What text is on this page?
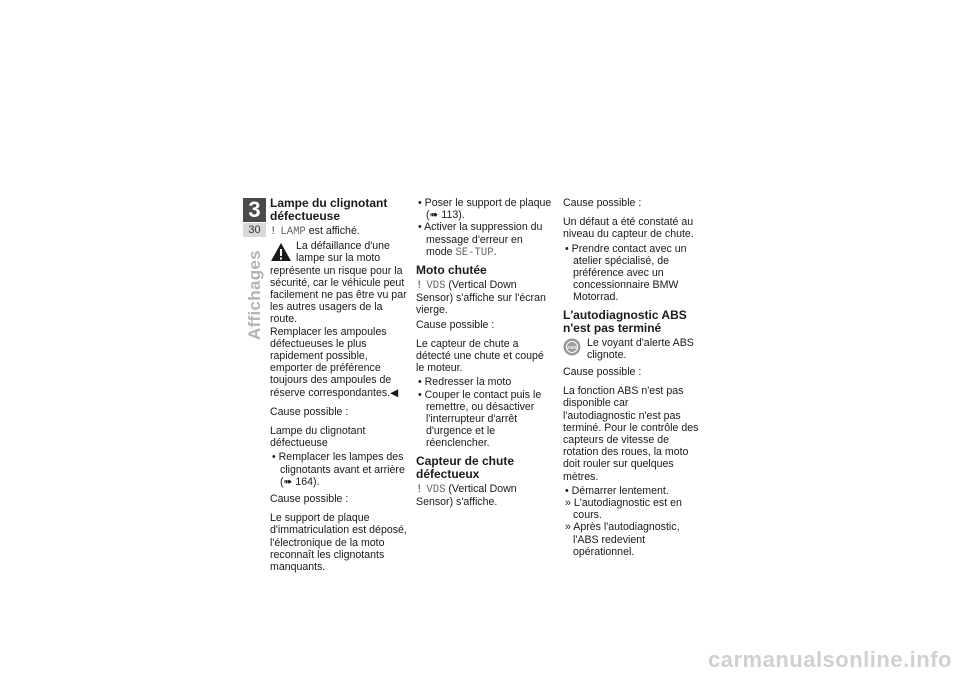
3
30
Affichages
Lampe du clignotant défectueuse

! LAMP est affiché.

La défaillance d'une lampe sur la moto représente un risque pour la sécurité, car le véhicule peut facilement ne pas être vu par les autres usagers de la route.

Remplacer les ampoules défectueuses le plus rapidement possible, emporter de préférence toujours des ampoules de réserve correspondantes.◀

Cause possible :

Lampe du clignotant défectueuse

• Remplacer les lampes des clignotants avant et arrière (➠ 164).

Cause possible :

Le support de plaque d'immatriculation est déposé, l'électronique de la moto reconnaît les clignotants manquants.

• Poser le support de plaque (➠ 113).

• Activer la suppression du message d'erreur en mode SE-TUP.

Moto chutée

! VDS (Vertical Down Sensor) s'affiche sur l'écran vierge.

Cause possible :

Le capteur de chute a détecté une chute et coupé le moteur.

• Redresser la moto

• Couper le contact puis le remettre, ou désactiver l'interrupteur d'arrêt d'urgence et le réenclencher.

Capteur de chute défectueux

! VDS (Vertical Down Sensor) s'affiche.

Cause possible :

Un défaut a été constaté au niveau du capteur de chute.

• Prendre contact avec un atelier spécialisé, de préférence avec un concessionnaire BMW Motorrad.

L'autodiagnostic ABS n'est pas terminé
ABS Le voyant d'alerte ABS clignote.

Cause possible :

La fonction ABS n'est pas disponible car l'autodiagnostic n'est pas terminé. Pour le contrôle des capteurs de vitesse de rotation des roues, la moto doit rouler sur quelques mètres.

• Démarrer lentement.

» L'autodiagnostic est en cours.

» Après l'autodiagnostic, l'ABS redevient opérationnel.

carmanualsonline.info
